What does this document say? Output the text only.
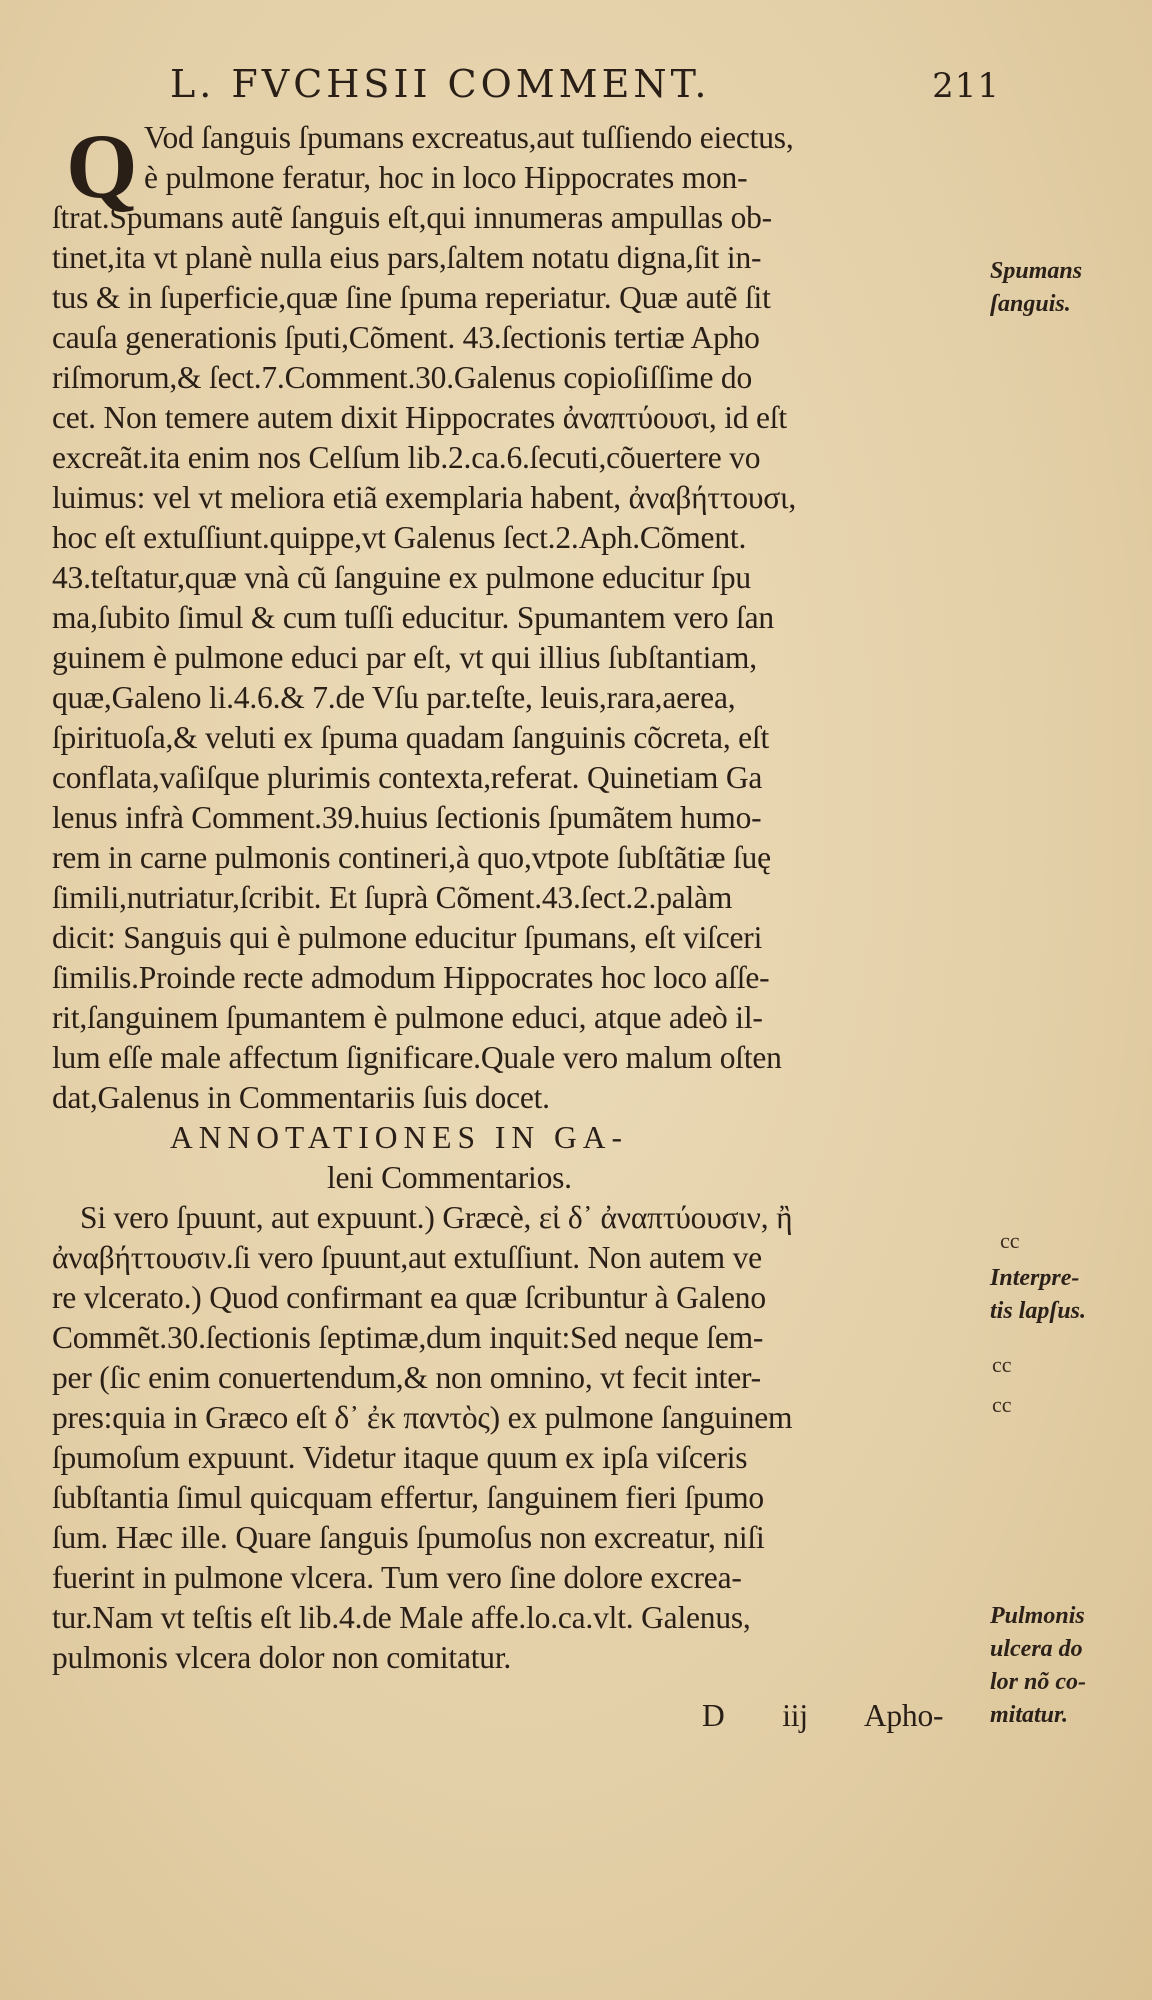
L. FVCHSII COMMENT.	211
Q Vod ſanguis ſpumans excreatus,aut tuſſiendo eiectus,
è pulmone feratur, hoc in loco Hippocrates mon-
ſtrat.Spumans autẽ ſanguis eſt,qui innumeras ampullas ob-
tinet,ita vt planè nulla eius pars,ſaltem notatu digna,ſit in-
tus & in ſuperficie,quæ ſine ſpuma reperiatur. Quæ autẽ ſit
cauſa generationis ſputi,Cõment. 43.ſectionis tertiæ Apho
riſmorum,& ſect.7.Comment.30.Galenus copioſiſſime do
cet. Non temere autem dixit Hippocrates ἀναπτύουσι, id eſt
excreãt.ita enim nos Celſum lib.2.ca.6.ſecuti,cõuertere vo
luimus: vel vt meliora etiã exemplaria habent, ἀναβήττουσι,
hoc eſt extuſſiunt.quippe,vt Galenus ſect.2.Aph.Cõment.
43.teſtatur,quæ vnà cũ ſanguine ex pulmone educitur ſpu
ma,ſubito ſimul & cum tuſſi educitur. Spumantem vero ſan
guinem è pulmone educi par eſt, vt qui illius ſubſtantiam,
quæ,Galeno li.4.6.& 7.de Vſu par.teſte, leuis,rara,aerea,
ſpirituoſa,& veluti ex ſpuma quadam ſanguinis cõcreta, eſt
conflata,vaſiſque plurimis contexta,referat. Quinetiam Ga
lenus infrà Comment.39.huius ſectionis ſpumãtem humo-
rem in carne pulmonis contineri,à quo,vtpote ſubſtãtiæ ſuę
ſimili,nutriatur,ſcribit. Et ſuprà Cõment.43.ſect.2.palàm
dicit: Sanguis qui è pulmone educitur ſpumans, eſt viſceri
ſimilis.Proinde recte admodum Hippocrates hoc loco aſſe-
rit,ſanguinem ſpumantem è pulmone educi, atque adeò il-
lum eſſe male affectum ſignificare.Quale vero malum oſten
dat,Galenus in Commentariis ſuis docet.
ANNOTATIONES IN GA-
leni Commentarios.
Si vero ſpuunt, aut expuunt.) Græcè, εἰ δ᾽ ἀναπτύουσιν, ἢ
ἀναβήττουσιν.ſi vero ſpuunt,aut extuſſiunt. Non autem ve
re vlcerato.) Quod confirmant ea quæ ſcribuntur à Galeno
Commẽt.30.ſectionis ſeptimæ,dum inquit:Sed neque ſem-
per (ſic enim conuertendum,& non omnino, vt fecit inter-
pres:quia in Græco eſt δ᾽ ἐκ παντὸς) ex pulmone ſanguinem
ſpumoſum expuunt. Videtur itaque quum ex ipſa viſceris
ſubſtantia ſimul quicquam effertur, ſanguinem fieri ſpumo
ſum. Hæc ille. Quare ſanguis ſpumoſus non excreatur, niſi
fuerint in pulmone vlcera. Tum vero ſine dolore excrea-
tur.Nam vt teſtis eſt lib.4.de Male affe.lo.ca.vlt. Galenus,
pulmonis vlcera dolor non comitatur.
D iij Apho-
Spumans
ſanguis.
cc
Interpre-
tis lapſus.
cc
cc
Pulmonis
ulcera do
lor nõ co-
mitatur.
